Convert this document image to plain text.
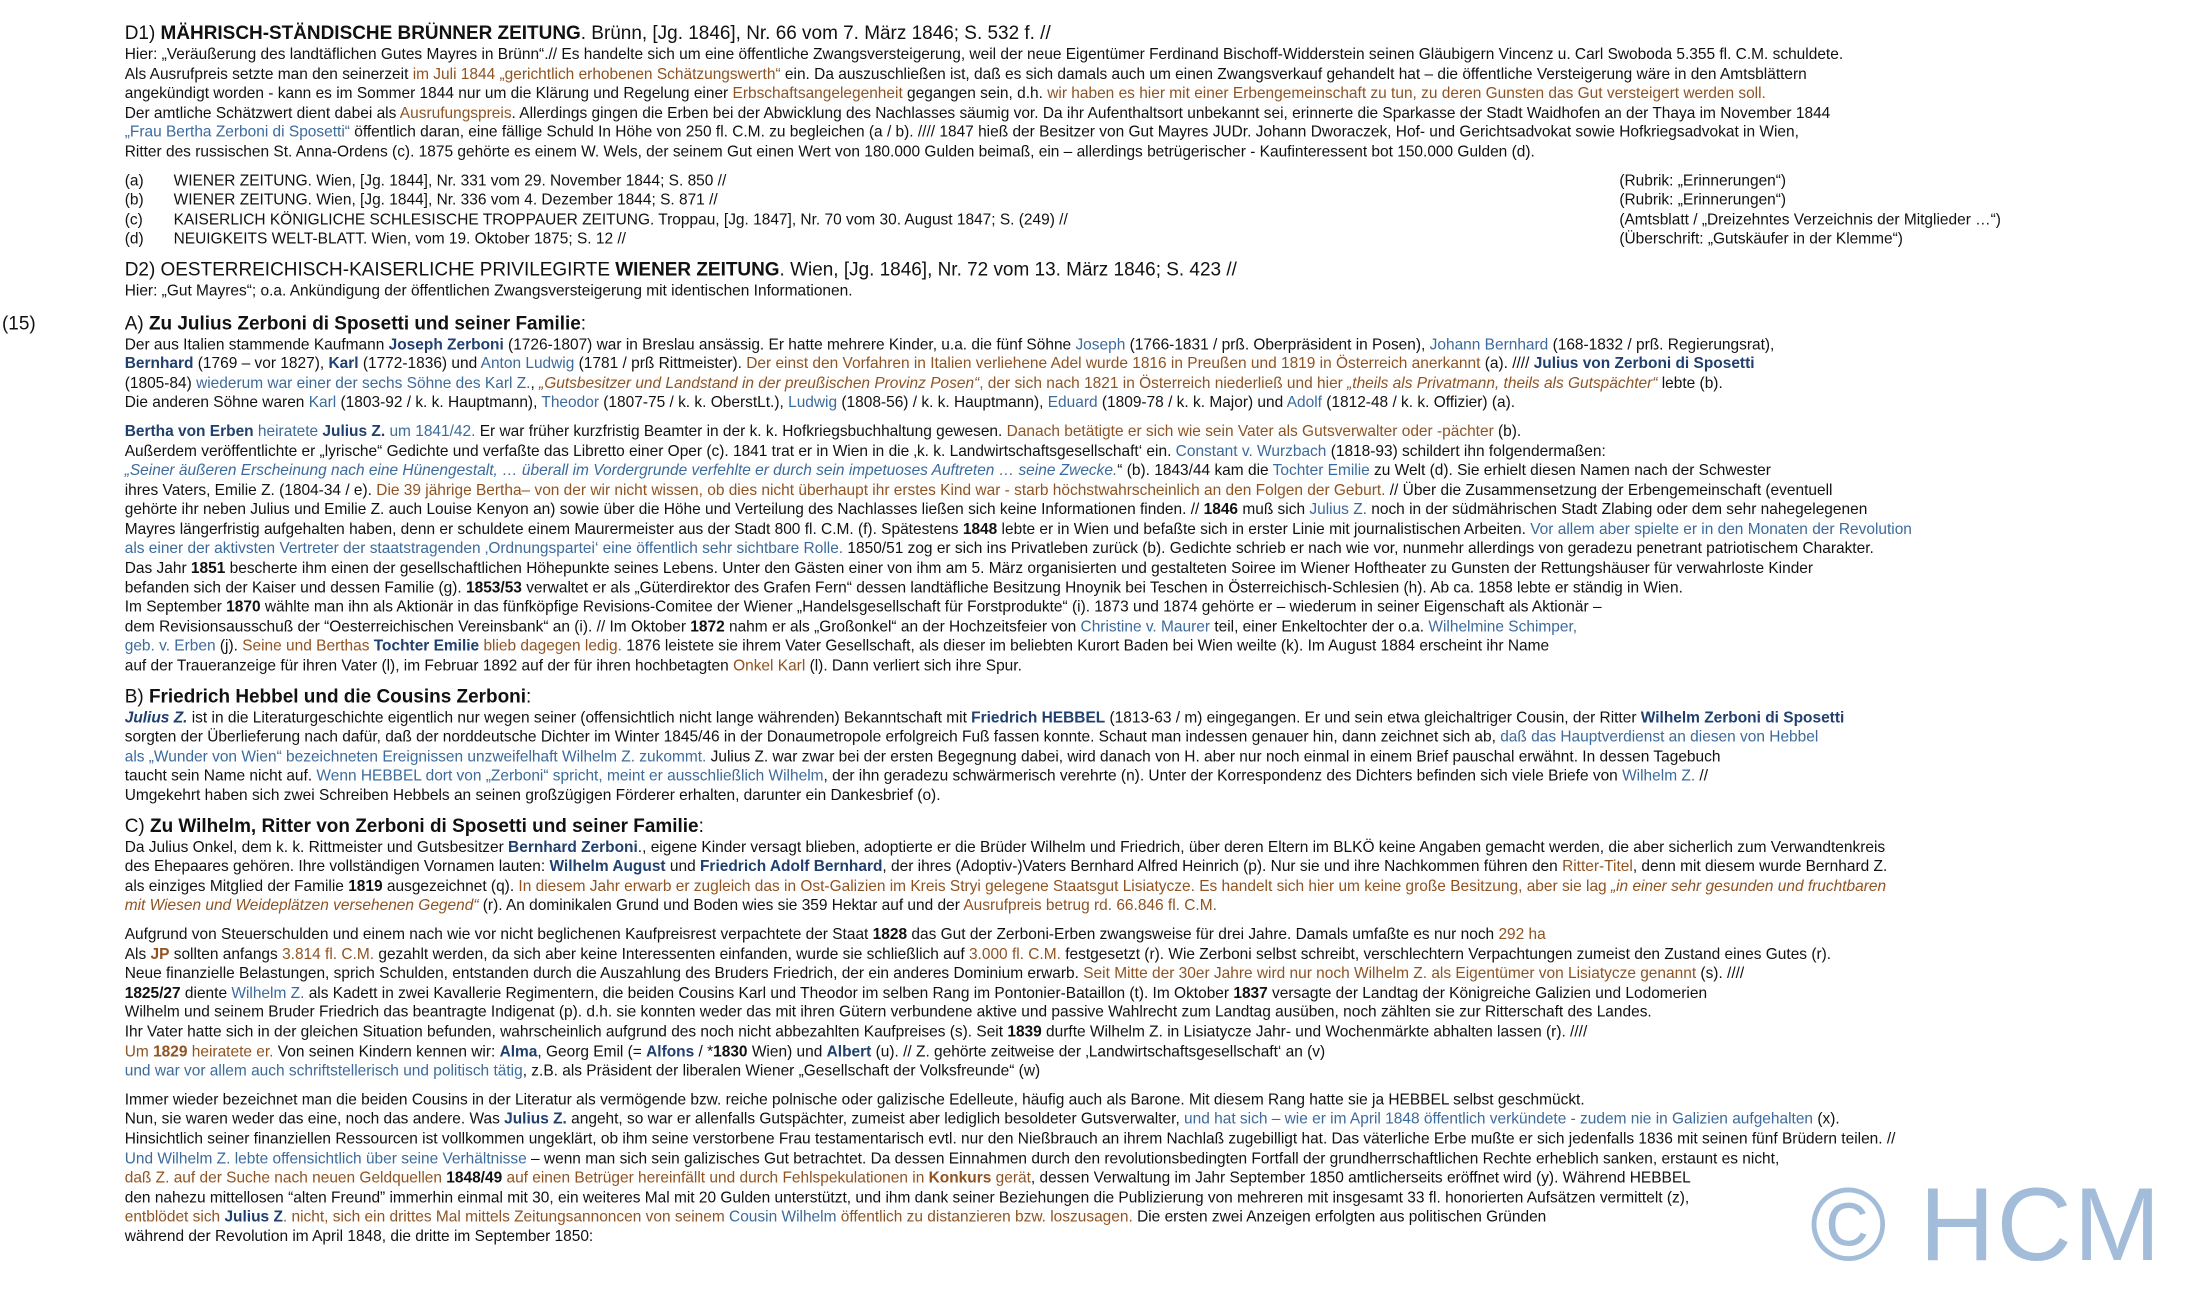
D1) MÄHRISCH-STÄNDISCHE BRÜNNER ZEITUNG. Brünn, [Jg. 1846], Nr. 66 vom 7. März 1846; S. 532 f. //

Hier: „Veräußerung des landtäflichen Gutes Mayres in Brünn“.// Es handelte sich um eine öffentliche Zwangsversteigerung, weil der neue Eigentümer Ferdinand Bischoff-Widderstein seinen Gläubigern Vincenz u. Carl Swoboda 5.355 fl. C.M. schuldete.

Als Ausrufpreis setzte man den seinerzeit im Juli 1844 „gerichtlich erhobenen Schätzungswerth“ ein. Da auszuschließen ist, daß es sich damals auch um einen Zwangsverkauf gehandelt hat – die öffentliche Versteigerung wäre in den Amtsblättern

angekündigt worden - kann es im Sommer 1844 nur um die Klärung und Regelung einer Erbschaftsangelegenheit gegangen sein, d.h. wir haben es hier mit einer Erbengemeinschaft zu tun, zu deren Gunsten das Gut versteigert werden soll.

Der amtliche Schätzwert dient dabei als Ausrufungspreis. Allerdings gingen die Erben bei der Abwicklung des Nachlasses säumig vor. Da ihr Aufenthaltsort unbekannt sei, erinnerte die Sparkasse der Stadt Waidhofen an der Thaya im November 1844

„Frau Bertha Zerboni di Sposetti“ öffentlich daran, eine fällige Schuld In Höhe von 250 fl. C.M. zu begleichen (a / b). //// 1847 hieß der Besitzer von Gut Mayres JUDr. Johann Dworaczek, Hof- und Gerichtsadvokat sowie Hofkriegsadvokat in Wien,

Ritter des russischen St. Anna-Ordens (c). 1875 gehörte es einem W. Wels, der seinem Gut einen Wert von 180.000 Gulden beimaß, ein – allerdings betrügerischer - Kaufinteressent bot 150.000 Gulden (d).

(a) WIENER ZEITUNG. Wien, [Jg. 1844], Nr. 331 vom 29. November 1844; S. 850 //	(Rubrik: „Erinnerungen“)
(b) WIENER ZEITUNG. Wien, [Jg. 1844], Nr. 336 vom 4. Dezember 1844; S. 871 //	(Rubrik: „Erinnerungen“)
(c) KAISERLICH KÖNIGLICHE SCHLESISCHE TROPPAUER ZEITUNG. Troppau, [Jg. 1847], Nr. 70 vom 30. August 1847; S. (249) //	(Amtsblatt / „Dreizehntes Verzeichnis der Mitglieder …“)
(d) NEUIGKEITS WELT-BLATT. Wien, vom 19. Oktober 1875; S. 12 //	(Überschrift: „Gutskäufer in der Klemme“)

D2) OESTERREICHISCH-KAISERLICHE PRIVILEGIRTE WIENER ZEITUNG. Wien, [Jg. 1846], Nr. 72 vom 13. März 1846; S. 423 //

Hier: „Gut Mayres“; o.a. Ankündigung der öffentlichen Zwangsversteigerung mit identischen Informationen.

(15)	A) Zu Julius Zerboni di Sposetti und seiner Familie:

Der aus Italien stammende Kaufmann Joseph Zerboni (1726-1807) war in Breslau ansässig. Er hatte mehrere Kinder, u.a. die fünf Söhne Joseph (1766-1831 / prß. Oberpräsident in Posen), Johann Bernhard (168-1832 / prß. Regierungsrat),

Bernhard (1769 – vor 1827), Karl (1772-1836) und Anton Ludwig (1781 / prß Rittmeister). Der einst den Vorfahren in Italien verliehene Adel wurde 1816 in Preußen und 1819 in Österreich anerkannt (a). //// Julius von Zerboni di Sposetti

(1805-84) wiederum war einer der sechs Söhne des Karl Z., „Gutsbesitzer und Landstand in der preußischen Provinz Posen“, der sich nach 1821 in Österreich niederließ und hier „theils als Privatmann, theils als Gutspächter“ lebte (b).

Die anderen Söhne waren Karl (1803-92 / k. k. Hauptmann), Theodor (1807-75 / k. k. OberstLt.), Ludwig (1808-56) / k. k. Hauptmann), Eduard (1809-78 / k. k. Major) und Adolf (1812-48 / k. k. Offizier) (a).

Bertha von Erben heiratete Julius Z. um 1841/42. Er war früher kurzfristig Beamter in der k. k. Hofkriegsbuchhaltung gewesen. Danach betätigte er sich wie sein Vater als Gutsverwalter oder -pächter (b).

Außerdem veröffentlichte er „lyrische“ Gedichte und verfaßte das Libretto einer Oper (c). 1841 trat er in Wien in die ‚k. k. Landwirtschaftsgesellschaft‘ ein. Constant v. Wurzbach (1818-93) schildert ihn folgendermaßen:

„Seiner äußeren Erscheinung nach eine Hünengestalt, … überall im Vordergrunde verfehlte er durch sein impetuoses Auftreten … seine Zwecke.“ (b). 1843/44 kam die Tochter Emilie zu Welt (d). Sie erhielt diesen Namen nach der Schwester

ihres Vaters, Emilie Z. (1804-34 / e). Die 39 jährige Bertha– von der wir nicht wissen, ob dies nicht überhaupt ihr erstes Kind war - starb höchstwahrscheinlich an den Folgen der Geburt. // Über die Zusammensetzung der Erbengemeinschaft (eventuell

gehörte ihr neben Julius und Emilie Z. auch Louise Kenyon an) sowie über die Höhe und Verteilung des Nachlasses ließen sich keine Informationen finden. // 1846 muß sich Julius Z. noch in der südmährischen Stadt Zlabing oder dem sehr nahegelegenen

Mayres längerfristig aufgehalten haben, denn er schuldete einem Maurermeister aus der Stadt 800 fl. C.M. (f). Spätestens 1848 lebte er in Wien und befaßte sich in erster Linie mit journalistischen Arbeiten. Vor allem aber spielte er in den Monaten der Revolution

als einer der aktivsten Vertreter der staatstragenden ‚Ordnungspartei‘ eine öffentlich sehr sichtbare Rolle. 1850/51 zog er sich ins Privatleben zurück (b). Gedichte schrieb er nach wie vor, nunmehr allerdings von geradezu penetrant patriotischem Charakter.

Das Jahr 1851 bescherte ihm einen der gesellschaftlichen Höhepunkte seines Lebens. Unter den Gästen einer von ihm am 5. März organisierten und gestalteten Soiree im Wiener Hoftheater zu Gunsten der Rettungshäuser für verwahrloste Kinder

befanden sich der Kaiser und dessen Familie (g). 1853/53 verwaltet er als „Güterdirektor des Grafen Fern“ dessen landtäfliche Besitzung Hnoynik bei Teschen in Österreichisch-Schlesien (h). Ab ca. 1858 lebte er ständig in Wien.

Im September 1870 wählte man ihn als Aktionär in das fünfköpfige Revisions-Comitee der Wiener „Handelsgesellschaft für Forstprodukte“ (i). 1873 und 1874 gehörte er – wiederum in seiner Eigenschaft als Aktionär –

dem Revisionsausschuß der “Oesterreichischen Vereinsbank“ an (i). // Im Oktober 1872 nahm er als „Großonkel“ an der Hochzeitsfeier von Christine v. Maurer teil, einer Enkeltochter der o.a. Wilhelmine Schimper,

geb. v. Erben (j). Seine und Berthas Tochter Emilie blieb dagegen ledig. 1876 leistete sie ihrem Vater Gesellschaft, als dieser im beliebten Kurort Baden bei Wien weilte (k). Im August 1884 erscheint ihr Name

auf der Traueranzeige für ihren Vater (l), im Februar 1892 auf der für ihren hochbetagten Onkel Karl (l). Dann verliert sich ihre Spur.

B) Friedrich Hebbel und die Cousins Zerboni:

Julius Z. ist in die Literaturgeschichte eigentlich nur wegen seiner (offensichtlich nicht lange währenden) Bekanntschaft mit Friedrich HEBBEL (1813-63 / m) eingegangen. Er und sein etwa gleichaltriger Cousin, der Ritter Wilhelm Zerboni di Sposetti

sorgten der Überlieferung nach dafür, daß der norddeutsche Dichter im Winter 1845/46 in der Donaumetropole erfolgreich Fuß fassen konnte. Schaut man indessen genauer hin, dann zeichnet sich ab, daß das Hauptverdienst an diesen von Hebbel

als „Wunder von Wien“ bezeichneten Ereignissen unzweifelhaft Wilhelm Z. zukommt. Julius Z. war zwar bei der ersten Begegnung dabei, wird danach von H. aber nur noch einmal in einem Brief pauschal erwähnt. In dessen Tagebuch

taucht sein Name nicht auf. Wenn HEBBEL dort von „Zerboni“ spricht, meint er ausschließlich Wilhelm, der ihn geradezu schwärmerisch verehrte (n). Unter der Korrespondenz des Dichters befinden sich viele Briefe von Wilhelm Z. //

Umgekehrt haben sich zwei Schreiben Hebbels an seinen großzügigen Förderer erhalten, darunter ein Dankesbrief (o).

C) Zu Wilhelm, Ritter von Zerboni di Sposetti und seiner Familie:

Da Julius Onkel, dem k. k. Rittmeister und Gutsbesitzer Bernhard Zerboni., eigene Kinder versagt blieben, adoptierte er die Brüder Wilhelm und Friedrich, über deren Eltern im BLKÖ keine Angaben gemacht werden, die aber sicherlich zum Verwandtenkreis

des Ehepaares gehören. Ihre vollständigen Vornamen lauten: Wilhelm August und Friedrich Adolf Bernhard, der ihres (Adoptiv-)Vaters Bernhard Alfred Heinrich (p). Nur sie und ihre Nachkommen führen den Ritter-Titel, denn mit diesem wurde Bernhard Z.

als einziges Mitglied der Familie 1819 ausgezeichnet (q). In diesem Jahr erwarb er zugleich das in Ost-Galizien im Kreis Stryi gelegene Staatsgut Lisiatycze. Es handelt sich hier um keine große Besitzung, aber sie lag „in einer sehr gesunden und fruchtbaren

mit Wiesen und Weideplätzen versehenen Gegend“ (r). An dominikalen Grund und Boden wies sie 359 Hektar auf und der Ausrufpreis betrug rd. 66.846 fl. C.M.

Aufgrund von Steuerschulden und einem nach wie vor nicht beglichenen Kaufpreisrest verpachtete der Staat 1828 das Gut der Zerboni-Erben zwangsweise für drei Jahre. Damals umfaßte es nur noch 292 ha

Als JP sollten anfangs 3.814 fl. C.M. gezahlt werden, da sich aber keine Interessenten einfanden, wurde sie schließlich auf 3.000 fl. C.M. festgesetzt (r). Wie Zerboni selbst schreibt, verschlechtern Verpachtungen zumeist den Zustand eines Gutes (r).

Neue finanzielle Belastungen, sprich Schulden, entstanden durch die Auszahlung des Bruders Friedrich, der ein anderes Dominium erwarb. Seit Mitte der 30er Jahre wird nur noch Wilhelm Z. als Eigentümer von Lisiatycze genannt (s). ////

1825/27 diente Wilhelm Z. als Kadett in zwei Kavallerie Regimentern, die beiden Cousins Karl und Theodor im selben Rang im Pontonier-Bataillon (t). Im Oktober 1837 versagte der Landtag der Königreiche Galizien und Lodomerien

Wilhelm und seinem Bruder Friedrich das beantragte Indigenat (p). d.h. sie konnten weder das mit ihren Gütern verbundene aktive und passive Wahlrecht zum Landtag ausüben, noch zählten sie zur Ritterschaft des Landes.

Ihr Vater hatte sich in der gleichen Situation befunden, wahrscheinlich aufgrund des noch nicht abbezahlten Kaufpreises (s). Seit 1839 durfte Wilhelm Z. in Lisiatycze Jahr- und Wochenmärkte abhalten lassen (r). ////

Um 1829 heiratete er. Von seinen Kindern kennen wir: Alma, Georg Emil (= Alfons / *1830 Wien) und Albert (u). // Z. gehörte zeitweise der ‚Landwirtschaftsgesellschaft‘ an (v)

und war vor allem auch schriftstellerisch und politisch tätig, z.B. als Präsident der liberalen Wiener „Gesellschaft der Volksfreunde“ (w)

Immer wieder bezeichnet man die beiden Cousins in der Literatur als vermögende bzw. reiche polnische oder galizische Edelleute, häufig auch als Barone. Mit diesem Rang hatte sie ja HEBBEL selbst geschmückt.

Nun, sie waren weder das eine, noch das andere. Was Julius Z. angeht, so war er allenfalls Gutspächter, zumeist aber lediglich besoldeter Gutsverwalter, und hat sich – wie er im April 1848 öffentlich verkündete - zudem nie in Galizien aufgehalten (x).

Hinsichtlich seiner finanziellen Ressourcen ist vollkommen ungeklärt, ob ihm seine verstorbene Frau testamentarisch evtl. nur den Nießbrauch an ihrem Nachlaß zugebilligt hat. Das väterliche Erbe mußte er sich jedenfalls 1836 mit seinen fünf Brüdern teilen. //

Und Wilhelm Z. lebte offensichtlich über seine Verhältnisse – wenn man sich sein galizisches Gut betrachtet. Da dessen Einnahmen durch den revolutionsbedingten Fortfall der grundherrschaftlichen Rechte erheblich sanken, erstaunt es nicht,

daß Z. auf der Suche nach neuen Geldquellen 1848/49 auf einen Betrüger hereinfällt und durch Fehlspekulationen in Konkurs gerät, dessen Verwaltung im Jahr September 1850 amtlicherseits eröffnet wird (y). Während HEBBEL

den nahezu mittellosen “alten Freund” immerhin einmal mit 30, ein weiteres Mal mit 20 Gulden unterstützt, und ihm dank seiner Beziehungen die Publizierung von mehreren mit insgesamt 33 fl. honorierten Aufsätzen vermittelt (z),

entblödet sich Julius Z. nicht, sich ein drittes Mal mittels Zeitungsannoncen von seinem Cousin Wilhelm öffentlich zu distanzieren bzw. loszusagen. Die ersten zwei Anzeigen erfolgten aus politischen Gründen

während der Revolution im April 1848, die dritte im September 1850:	© HCM
